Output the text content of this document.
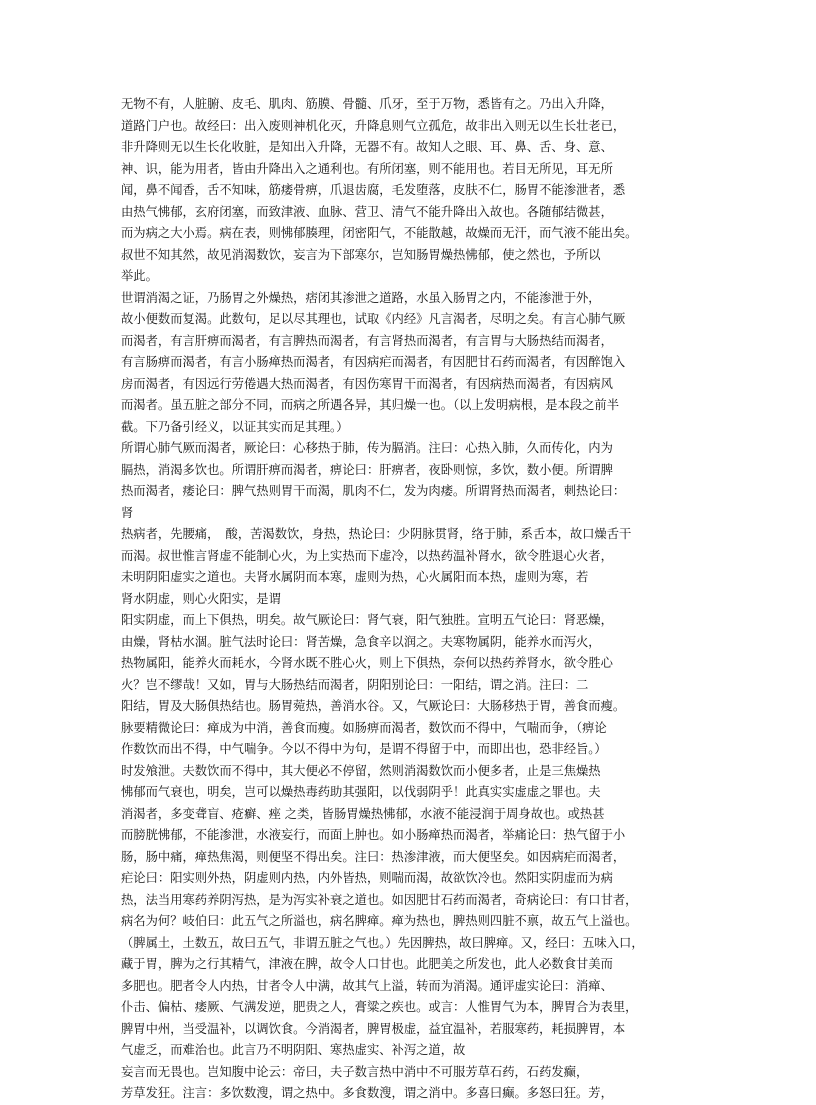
无物不有，人脏腑、皮毛、肌肉、筋膜、骨髓、爪牙，至于万物，悉皆有之。乃出入升降，
道路门户也。故经曰：出入废则神机化灭，升降息则气立孤危，故非出入则无以生长壮老已，
非升降则无以生长化收脏，是知出入升降，无器不有。故知人之眼、耳、鼻、舌、身、意、
神、识，能为用者，皆由升降出入之通利也。有所闭塞，则不能用也。若目无所见，耳无所
闻，鼻不闻香，舌不知味，筋痿骨痹，爪退齿腐，毛发堕落，皮肤不仁，肠胃不能渗泄者，悉
由热气怫郁，玄府闭塞，而致津液、血脉、营卫、清气不能升降出入故也。各随郁结微甚，
而为病之大小焉。病在表，则怫郁腠理，闭密阳气，不能散越，故燥而无汗，而气液不能出矣。
叔世不知其然，故见消渴数饮，妄言为下部寒尔，岂知肠胃燥热怫郁，使之然也，予所以
举此。
世谓消渴之证，乃肠胃之外燥热，痞闭其渗泄之道路，水虽入肠胃之内，不能渗泄于外，
故小便数而复渴。此数句，足以尽其理也，试取《内经》凡言渴者，尽明之矣。有言心肺气厥
而渴者，有言肝痹而渴者，有言脾热而渴者，有言肾热而渴者，有言胃与大肠热结而渴者，
有言肠痹而渴者，有言小肠瘅热而渴者，有因病疟而渴者，有因肥甘石药而渴者，有因醉饱入
房而渴者，有因远行劳倦遇大热而渴者，有因伤寒胃干而渴者，有因病热而渴者，有因病风
而渴者。虽五脏之部分不同，而病之所遇各异，其归燥一也。（以上发明病根，是本段之前半
截。下乃备引经义，以证其实而足其理。）
所谓心肺气厥而渴者，厥论曰：心移热于肺，传为膈消。注曰：心热入肺，久而传化，内为
膈热，消渴多饮也。所谓肝痹而渴者，痹论曰：肝痹者，夜卧则惊，多饮，数小便。所谓脾
热而渴者，痿论曰：脾气热则胃干而渴，肌肉不仁，发为肉痿。所谓肾热而渴者，刺热论曰：
肾
热病者，先腰痛，　酸，苦渴数饮，身热，热论曰：少阴脉贯肾，络于肺，系舌本，故口燥舌干
而渴。叔世惟言肾虚不能制心火，为上实热而下虚冷，以热药温补肾水，欲令胜退心火者，
未明阴阳虚实之道也。夫肾水属阴而本寒，虚则为热，心火属阳而本热，虚则为寒，若
肾水阴虚，则心火阳实，是谓
阳实阴虚，而上下俱热，明矣。故气厥论曰：肾气衰，阳气独胜。宣明五气论曰：肾恶燥，
由燥，肾枯水涸。脏气法时论曰：肾苦燥，急食辛以润之。夫寒物属阴，能养水而泻火，
热物属阳，能养火而耗水，今肾水既不胜心火，则上下俱热，奈何以热药养肾水，欲令胜心
火？岂不缪哉！又如，胃与大肠热结而渴者，阴阳别论曰：一阳结，谓之消。注曰：二
阳结，胃及大肠俱热结也。肠胃菀热，善消水谷。又，气厥论曰：大肠移热于胃，善食而瘦。
脉要精微论曰：瘅成为中消，善食而瘦。如肠痹而渴者，数饮而不得中，气喘而争，（痹论
作数饮而出不得，中气喘争。今以不得中为句，是谓不得留于中，而即出也，恐非经旨。）
时发飧泄。夫数饮而不得中，其大便必不停留，然则消渴数饮而小便多者，止是三焦燥热
怫郁而气衰也，明矣，岂可以燥热毒药助其强阳，以伐弱阴乎！此真实实虚虚之罪也。夫
消渴者，多变聋盲、疮癣、痤 之类，皆肠胃燥热怫郁，水液不能浸润于周身故也。或热甚
而膀胱怫郁，不能渗泄，水液妄行，而面上肿也。如小肠瘅热而渴者，举痛论曰：热气留于小
肠，肠中痛，瘅热焦渴，则便坚不得出矣。注曰：热渗津液，而大便坚矣。如因病疟而渴者，
疟论曰：阳实则外热，阴虚则内热，内外皆热，则喘而渴，故欲饮冷也。然阳实阴虚而为病
热，法当用寒药养阴泻热，是为泻实补衰之道也。如因肥甘石药而渴者，奇病论曰：有口甘者，
病名为何？岐伯曰：此五气之所溢也，病名脾瘅。瘅为热也，脾热则四脏不禀，故五气上溢也。
（脾属土，土数五，故曰五气，非谓五脏之气也。）先因脾热，故曰脾瘅。又，经曰：五味入口，
藏于胃，脾为之行其精气，津液在脾，故令人口甘也。此肥美之所发也，此人必数食甘美而
多肥也。肥者令人内热，甘者令人中满，故其气上溢，转而为消渴。通评虚实论曰：消瘅、
仆击、偏枯、痿厥、气满发逆，肥贵之人，膏粱之疾也。或言：人惟胃气为本，脾胃合为表里，
脾胃中州，当受温补，以调饮食。今消渴者，脾胃极虚，益宜温补，若服寒药，耗损脾胃，本
气虚乏，而难治也。此言乃不明阴阳、寒热虚实、补泻之道，故
妄言而无畏也。岂知腹中论云：帝曰，夫子数言热中消中不可服芳草石药，石药发癫，
芳草发狂。注言：多饮数溲，谓之热中。多食数溲，谓之消中。多喜曰癫。多怒曰狂。芳，
